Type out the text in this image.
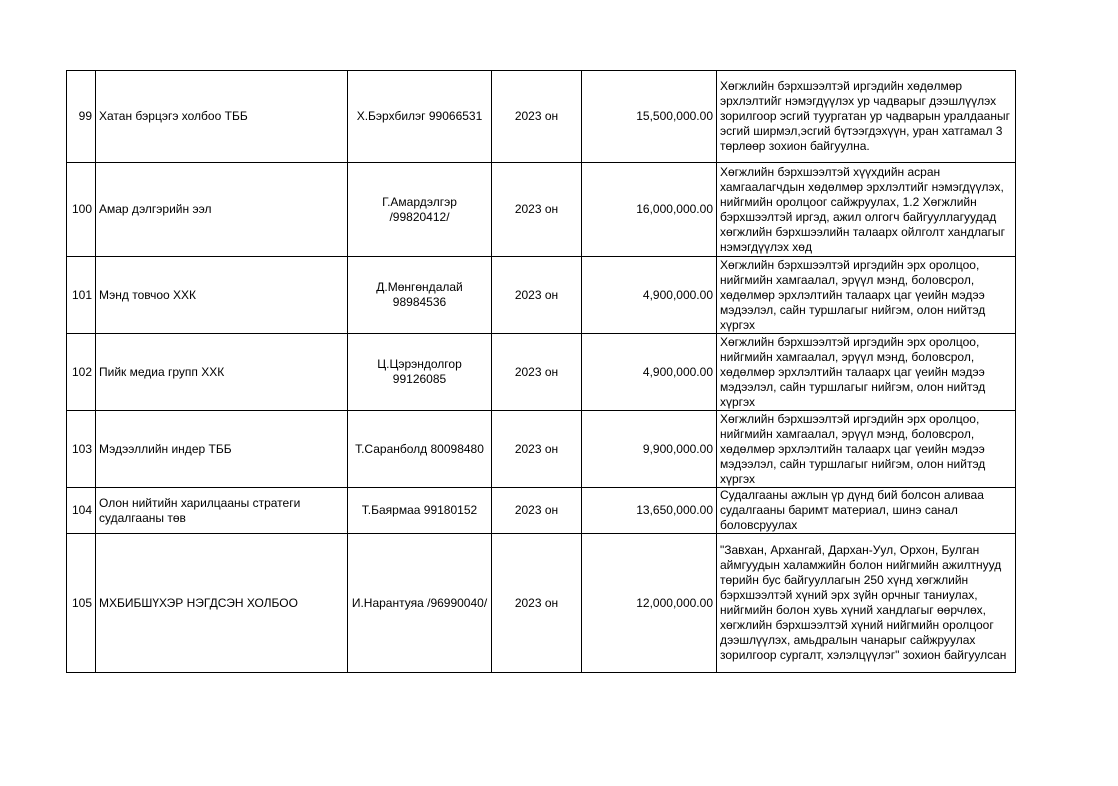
99	Хатан бэрцэгэ холбоо ТББ	Х.Бэрхбилэг 99066531	2023 он	15,500,000.00	Хөгжлийн бэрхшээлтэй иргэдийн хөдөлмөр эрхлэлтийг нэмэгдүүлэх ур чадварыг дээшлүүлэх зорилгоор эсгий туургатан ур чадварын уралдааныг эсгий ширмэл,эсгий бүтээгдэхүүн, уран хатгамал 3 төрлөөр зохион байгуулна.
100	Амар дэлгэрийн ээл	Г.Амардэлгэр /99820412/	2023 он	16,000,000.00	Хөгжлийн бэрхшээлтэй хүүхдийн асран хамгаалагчдын хөдөлмөр эрхлэлтийг нэмэгдүүлэх, нийгмийн оролцоог сайжруулах, 1.2 Хөгжлийн бэрхшээлтэй иргэд, ажил олгогч байгууллагуудад хөгжлийн бэрхшээлийн талаарх ойлголт хандлагыг нэмэгдүүлэх хөд
101	Мэнд товчоо ХХК	Д.Мөнгөндалай 98984536	2023 он	4,900,000.00	Хөгжлийн бэрхшээлтэй иргэдийн эрх оролцоо, нийгмийн хамгаалал, эрүүл мэнд, боловсрол, хөдөлмөр эрхлэлтийн талаарх цаг үеийн мэдээ мэдээлэл, сайн туршлагыг нийгэм, олон нийтэд хүргэх
102	Пийк медиа групп ХХК	Ц.Цэрэндолгор 99126085	2023 он	4,900,000.00	Хөгжлийн бэрхшээлтэй иргэдийн эрх оролцоо, нийгмийн хамгаалал, эрүүл мэнд, боловсрол, хөдөлмөр эрхлэлтийн талаарх цаг үеийн мэдээ мэдээлэл, сайн туршлагыг нийгэм, олон нийтэд хүргэх
103	Мэдээллийн индер ТББ	Т.Саранболд 80098480	2023 он	9,900,000.00	Хөгжлийн бэрхшээлтэй иргэдийн эрх оролцоо, нийгмийн хамгаалал, эрүүл мэнд, боловсрол, хөдөлмөр эрхлэлтийн талаарх цаг үеийн мэдээ мэдээлэл, сайн туршлагыг нийгэм, олон нийтэд хүргэх
104	Олон нийтийн харилцааны стратеги судалгааны төв	Т.Баярмаа 99180152	2023 он	13,650,000.00	Судалгааны ажлын үр дүнд бий болсон аливаа судалгааны баримт материал, шинэ санал боловсруулах
105	МХБИБШҮХЭР НЭГДСЭН ХОЛБОО	И.Нарантуяа /96990040/	2023 он	12,000,000.00	"Завхан, Архангай, Дархан-Уул, Орхон, Булган аймгуудын халамжийн болон нийгмийн ажилтнууд төрийн бус байгууллагын 250 хүнд хөгжлийн бэрхшээлтэй хүний эрх зүйн орчныг таниулах, нийгмийн болон хувь хүний хандлагыг өөрчлөх, хөгжлийн бэрхшээлтэй хүний нийгмийн оролцоог дээшлүүлэх, амьдралын чанарыг сайжруулах зорилгоор сургалт, хэлэлцүүлэг" зохион байгуулсан
